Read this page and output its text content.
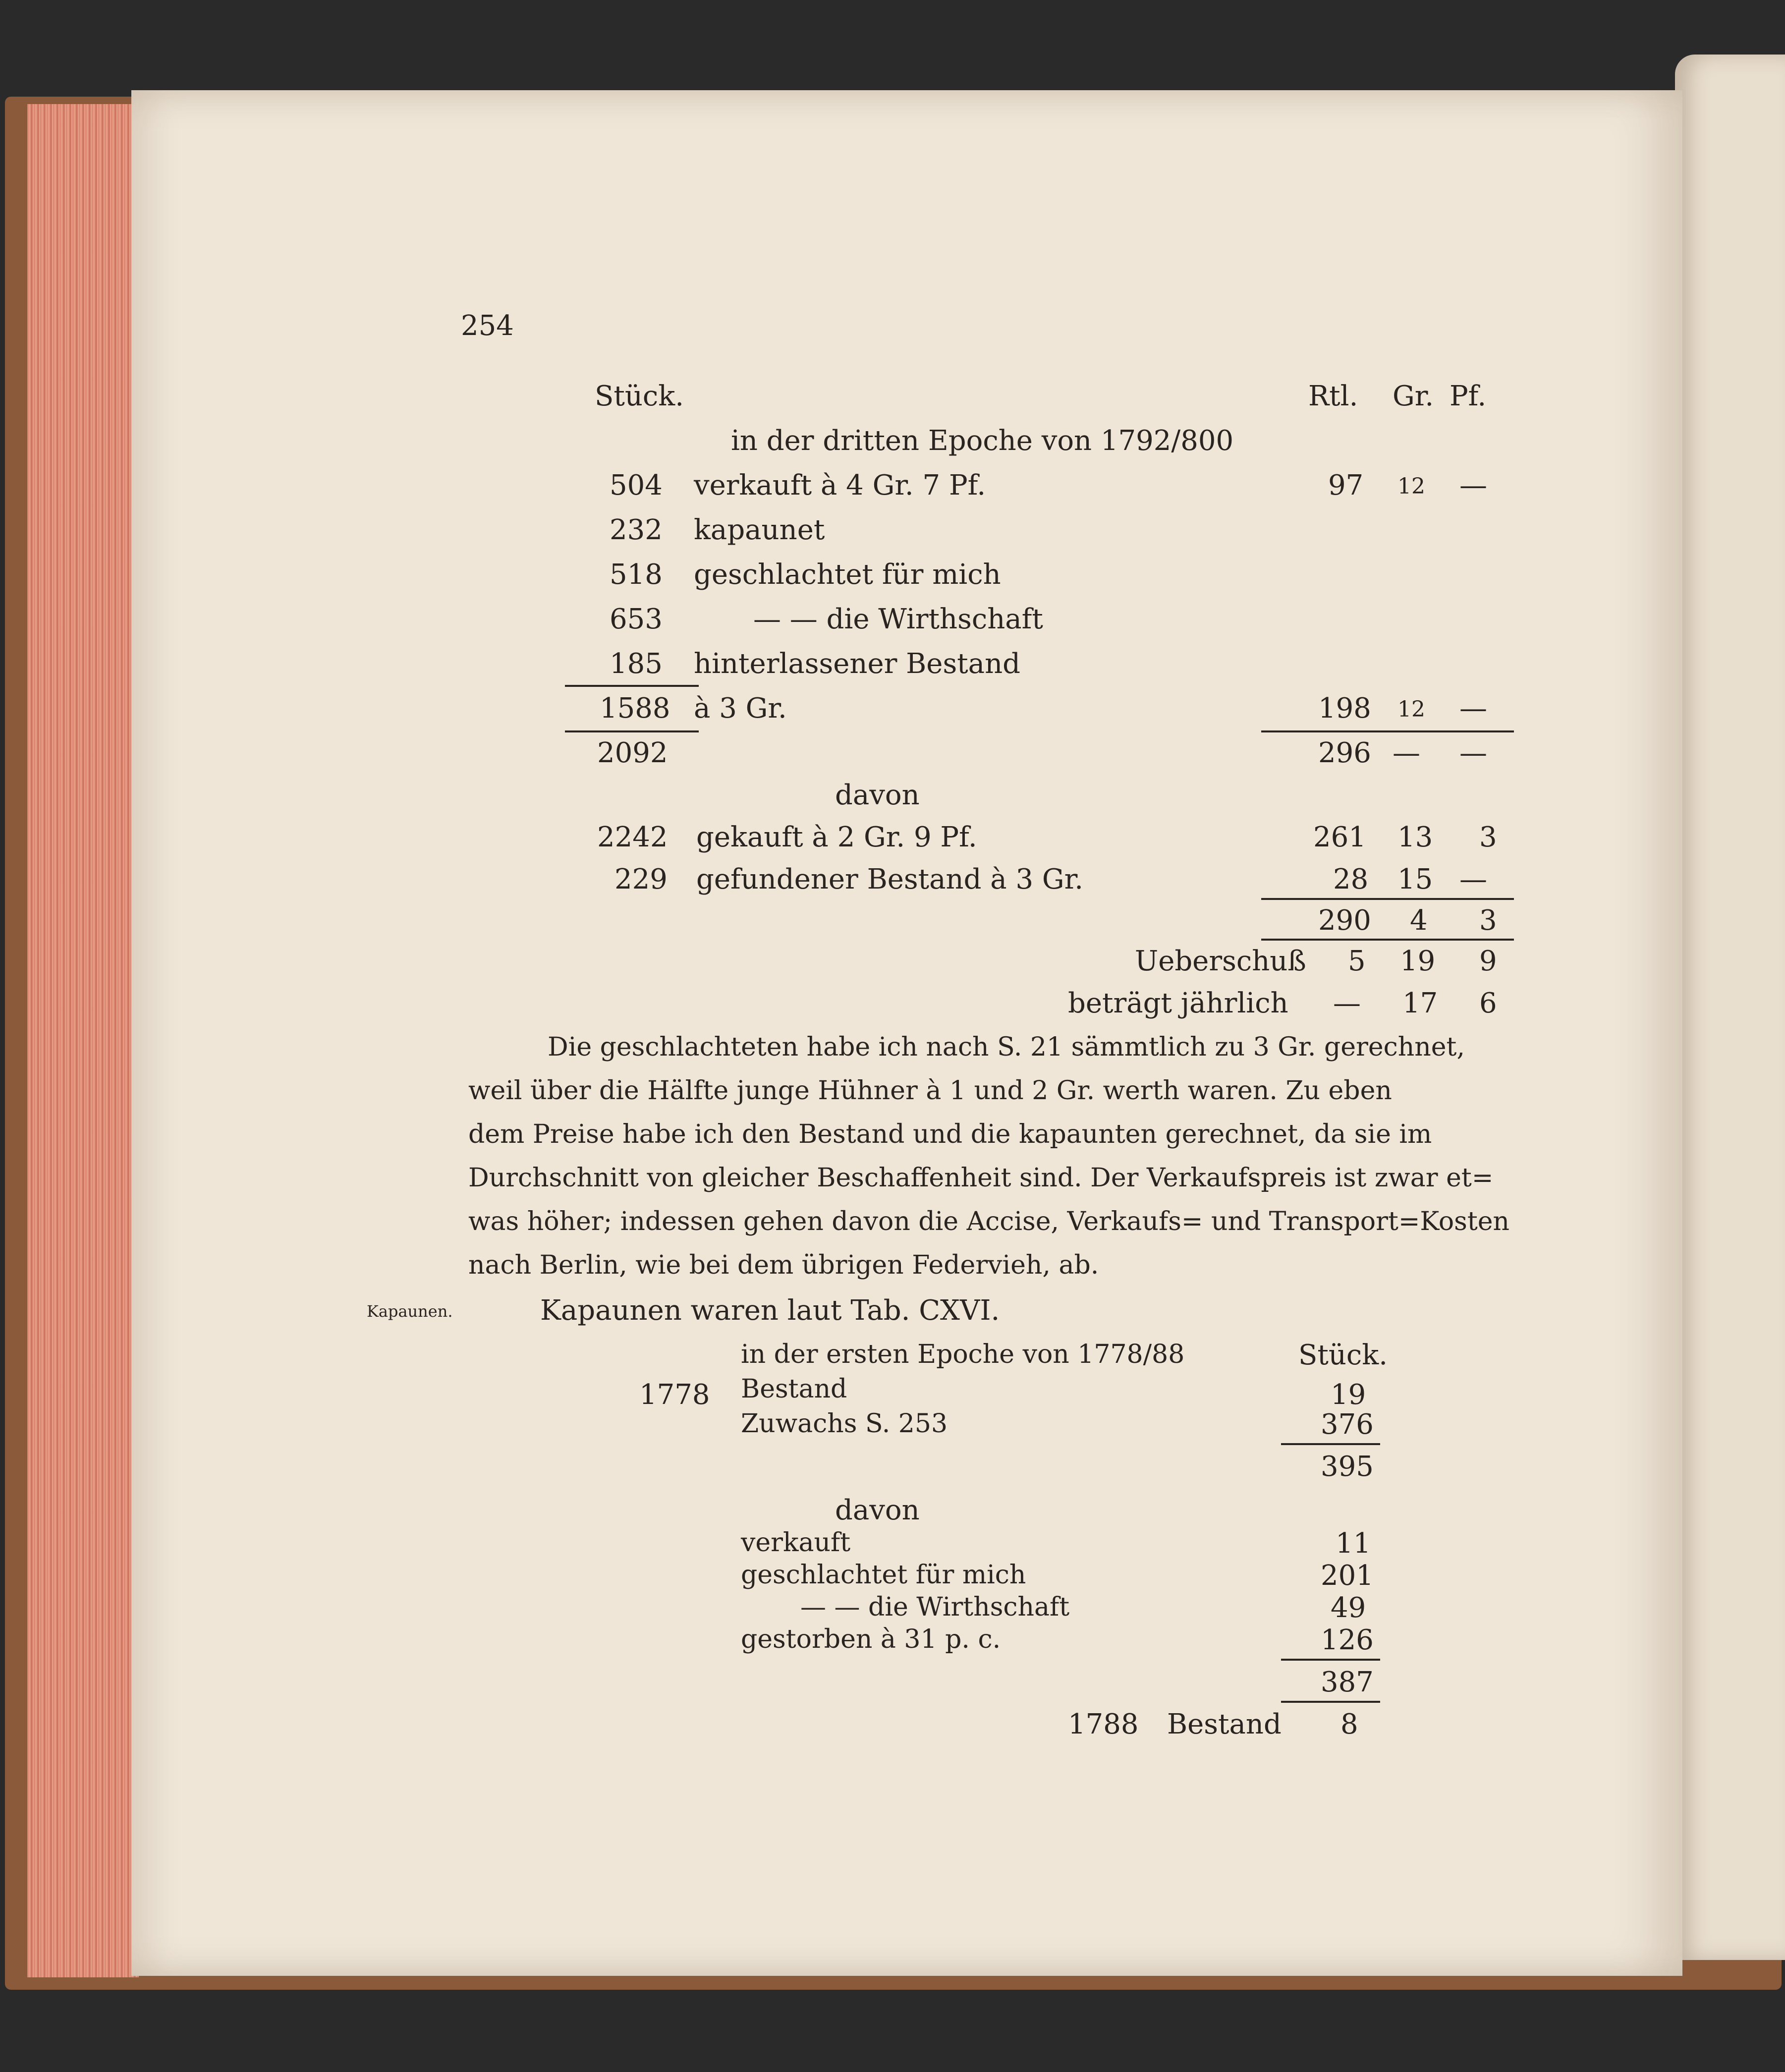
254
Stück.	Rtl. Gr. Pf.
in der dritten Epoche von 1792/800
504 verkauft à 4 Gr. 7 Pf.	97 12 —
232 kapaunet
518 geschlachtet für mich
653	— — die Wirthschaft
185 hinterlassener Bestand
1588 à 3 Gr.	198 12 —
2092	296 — —
davon
2242 gekauft à 2 Gr. 9 Pf.	261 13 3
229 gefundener Bestand à 3 Gr.	28 15 —
290 4 3
Ueberschuß 5 19 9
beträgt jährlich — 17 6
Die geschlachteten habe ich nach S. 21 sämmtlich zu 3 Gr. gerechnet,
weil über die Hälfte junge Hühner à 1 und 2 Gr. werth waren. Zu eben
dem Preise habe ich den Bestand und die kapaunten gerechnet, da sie im
Durchschnitt von gleicher Beschaffenheit sind. Der Verkaufspreis ist zwar et=
was höher; indessen gehen davon die Accise, Verkaufs= und Transport=Kosten
nach Berlin, wie bei dem übrigen Federvieh, ab.
Kapaunen.	Kapaunen waren laut Tab. CXVI.
in der ersten Epoche von 1778/88	Stück.
1778 Bestand	19
Zuwachs S. 253	376
395
davon
verkauft	11
geschlachtet für mich	201
— — die Wirthschaft	49
gestorben à 31 p. c.	126
387
1788 Bestand 8
